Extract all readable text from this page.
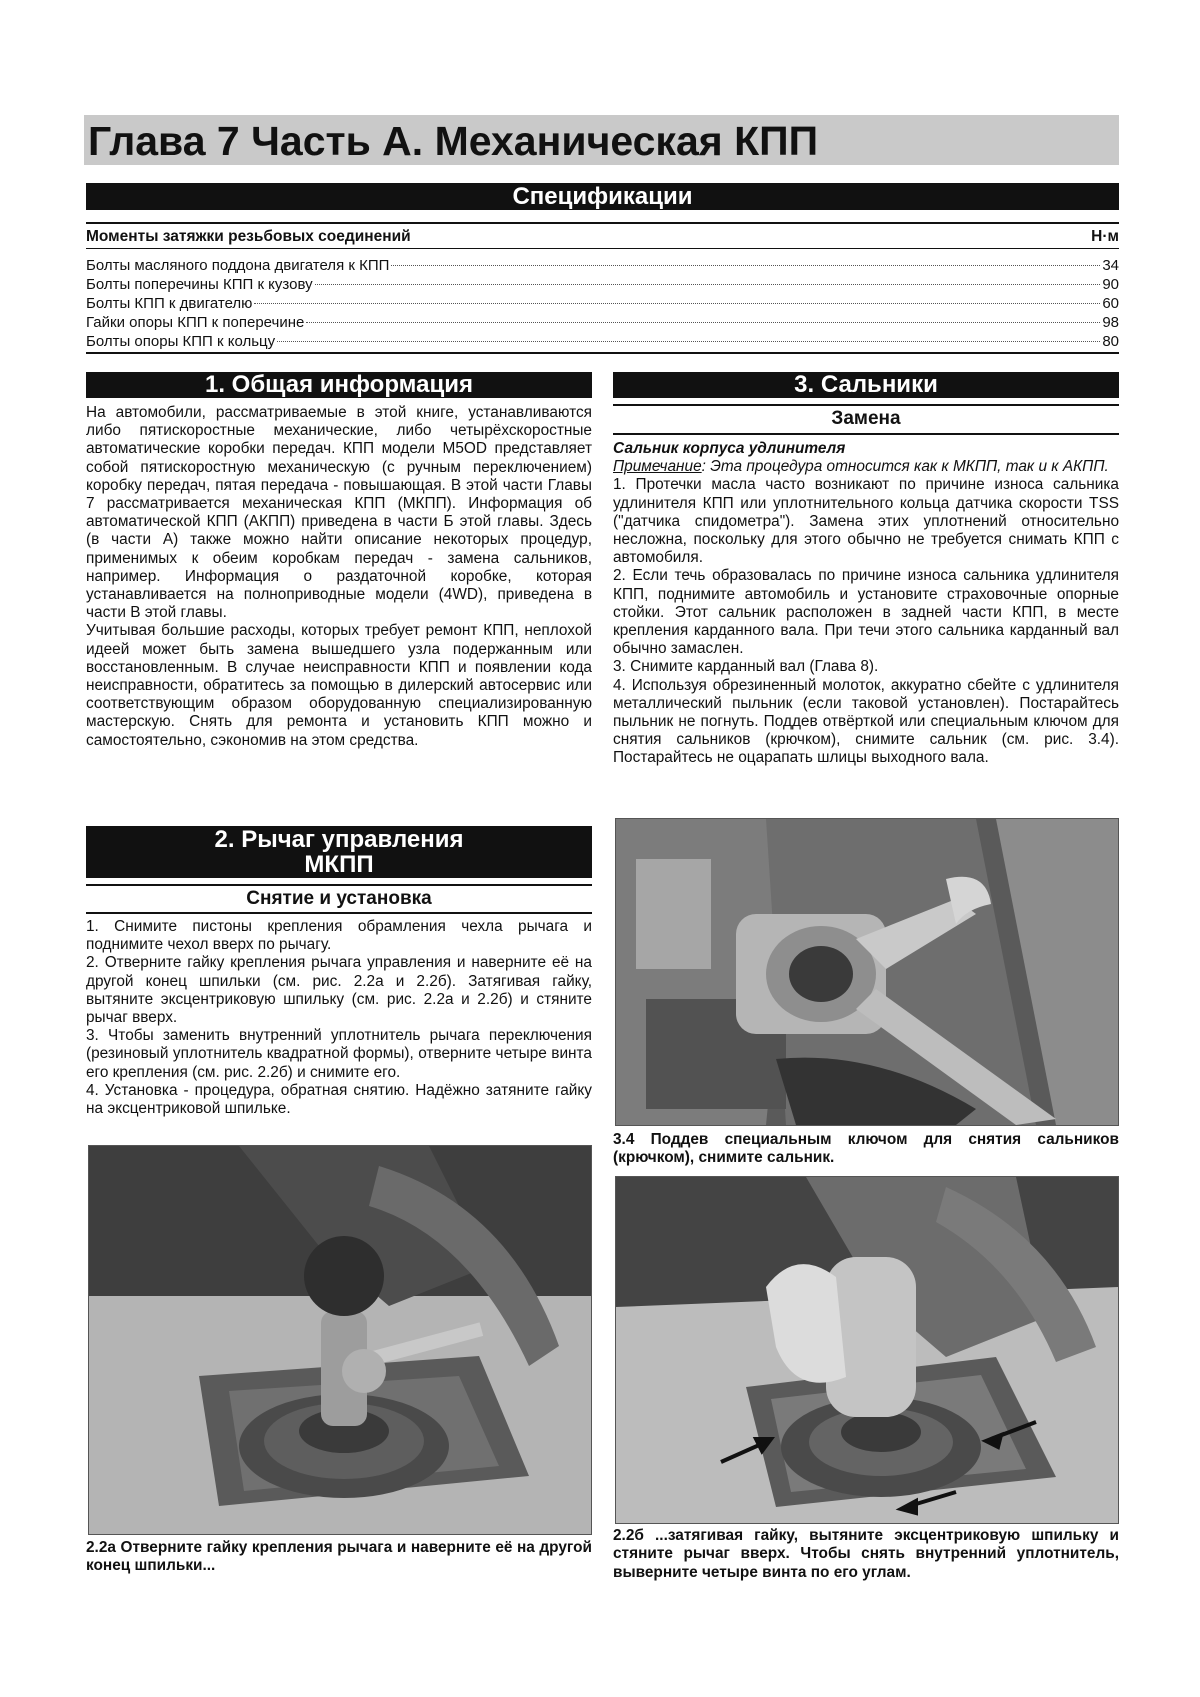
Глава 7 Часть А. Механическая КПП
Спецификации
Моменты затяжки резьбовых соединений	Н·м
Болты масляного поддона двигателя к КПП	34
Болты поперечины КПП к кузову	90
Болты КПП к двигателю	60
Гайки опоры КПП к поперечине	98
Болты опоры КПП к кольцу	80
1. Общая информация

На автомобили, рассматриваемые в этой книге, устанавливаются либо пятискоростные механические, либо четырёхскоростные автоматические коробки передач. КПП модели M5OD представляет собой пятискоростную механическую (с ручным переключением) коробку передач, пятая передача - повышающая. В этой части Главы 7 рассматривается механическая КПП (МКПП). Информация об автоматической КПП (АКПП) приведена в части Б этой главы. Здесь (в части А) также можно найти описание некоторых процедур, применимых к обеим коробкам передач - замена сальников, например. Информация о раздаточной коробке, которая устанавливается на полноприводные модели (4WD), приведена в части В этой главы.

Учитывая большие расходы, которых требует ремонт КПП, неплохой идеей может быть замена вышедшего узла подержанным или восстановленным. В случае неисправности КПП и появлении кода неисправности, обратитесь за помощью в дилерский автосервис или соответствующим образом оборудованную специализированную мастерскую. Снять для ремонта и установить КПП можно и самостоятельно, сэкономив на этом средства.

2. Рычаг управления
МКПП
Снятие и установка

1. Снимите пистоны крепления обрамления чехла рычага и поднимите чехол вверх по рычагу.

2. Отверните гайку крепления рычага управления и наверните её на другой конец шпильки (см. рис. 2.2а и 2.2б). Затягивая гайку, вытяните эксцентриковую шпильку (см. рис. 2.2а и 2.2б) и стяните рычаг вверх.

3. Чтобы заменить внутренний уплотнитель рычага переключения (резиновый уплотнитель квадратной формы), отверните четыре винта его крепления (см. рис. 2.2б) и снимите его.

4. Установка - процедура, обратная снятию. Надёжно затяните гайку на эксцентриковой шпильке.

2.2а Отверните гайку крепления рычага и наверните её на другой конец шпильки...
3. Сальники
Замена

Сальник корпуса удлинителя

Примечание: Эта процедура относится как к МКПП, так и к АКПП.

1. Протечки масла часто возникают по причине износа сальника удлинителя КПП или уплотнительного кольца датчика скорости TSS ("датчика спидометра"). Замена этих уплотнений относительно несложна, поскольку для этого обычно не требуется снимать КПП с автомобиля.

2. Если течь образовалась по причине износа сальника удлинителя КПП, поднимите автомобиль и установите страховочные опорные стойки. Этот сальник расположен в задней части КПП, в месте крепления карданного вала. При течи этого сальника карданный вал обычно замаслен.

3. Снимите карданный вал (Глава 8).

4. Используя обрезиненный молоток, аккуратно сбейте с удлинителя металлический пыльник (если таковой установлен). Постарайтесь пыльник не погнуть. Поддев отвёрткой или специальным ключом для снятия сальников (крючком), снимите сальник (см. рис. 3.4). Постарайтесь не оцарапать шлицы выходного вала.

3.4 Поддев специальным ключом для снятия сальников (крючком), снимите сальник.
2.2б ...затягивая гайку, вытяните эксцентриковую шпильку и стяните рычаг вверх. Чтобы снять внутренний уплотнитель, выверните четыре винта по его углам.
